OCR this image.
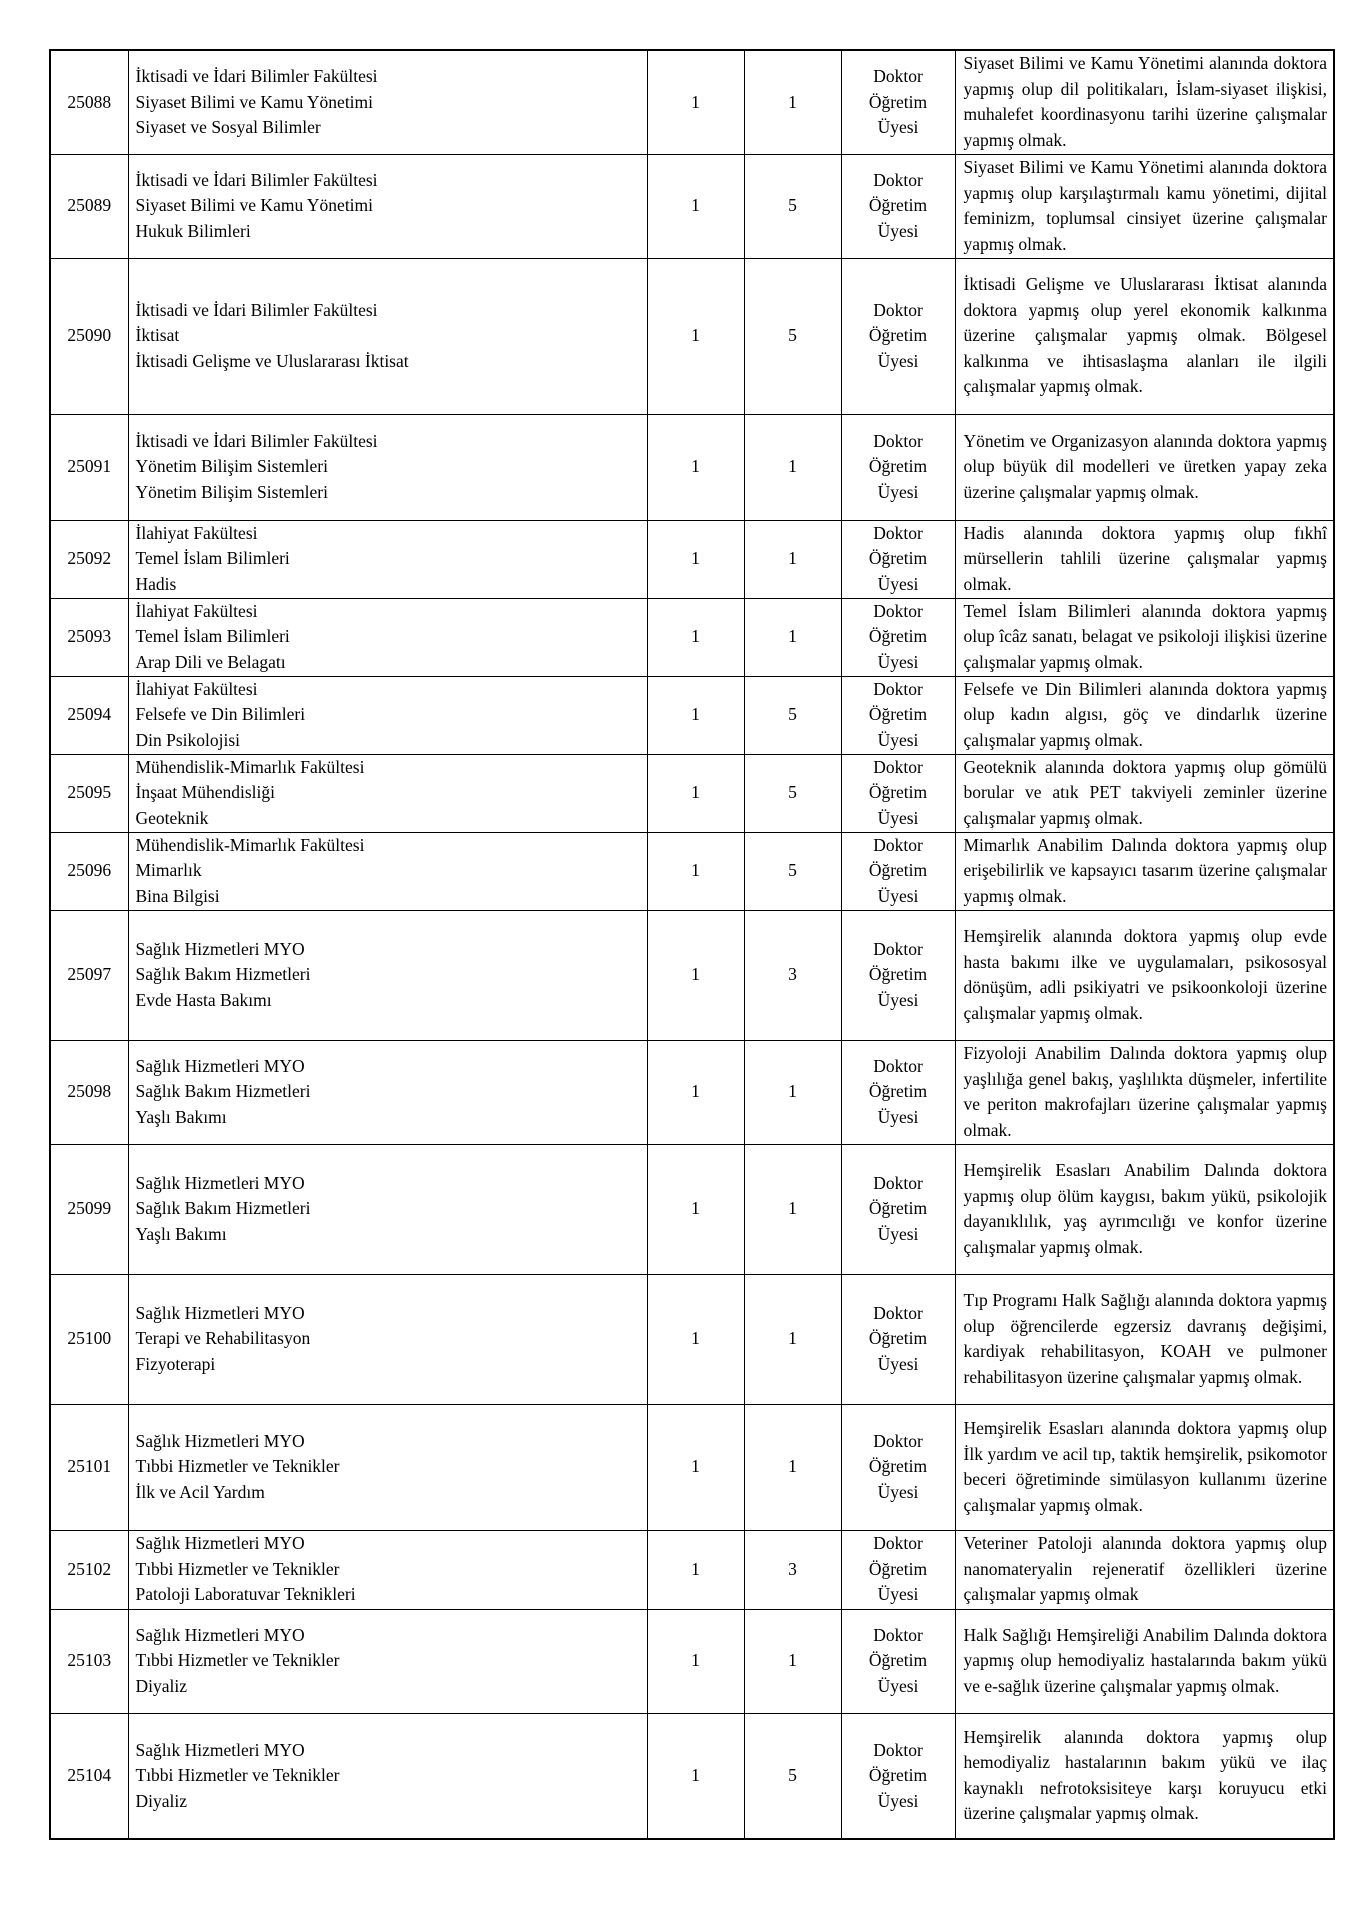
25088	İktisadi ve İdari Bilimler Fakültesi
Siyaset Bilimi ve Kamu Yönetimi
Siyaset ve Sosyal Bilimler	1	1	Doktor
Öğretim
Üyesi	Siyaset Bilimi ve Kamu Yönetimi alanında doktora yapmış olup dil politikaları, İslam-siyaset ilişkisi, muhalefet koordinasyonu tarihi üzerine çalışmalar yapmış olmak.
25089	İktisadi ve İdari Bilimler Fakültesi
Siyaset Bilimi ve Kamu Yönetimi
Hukuk Bilimleri	1	5	Doktor
Öğretim
Üyesi	Siyaset Bilimi ve Kamu Yönetimi alanında doktora yapmış olup karşılaştırmalı kamu yönetimi, dijital feminizm, toplumsal cinsiyet üzerine çalışmalar yapmış olmak.
25090	
İktisadi ve İdari Bilimler Fakültesi
İktisat
İktisadi Gelişme ve Uluslararası İktisat
	1	5	
Doktor
Öğretim
Üyesi
	İktisadi Gelişme ve Uluslararası İktisat alanında doktora yapmış olup yerel ekonomik kalkınma üzerine çalışmalar yapmış olmak. Bölgesel kalkınma ve ihtisaslaşma alanları ile ilgili çalışmalar yapmış olmak.
25091	İktisadi ve İdari Bilimler Fakültesi
Yönetim Bilişim Sistemleri
Yönetim Bilişim Sistemleri	1	1	Doktor
Öğretim
Üyesi	Yönetim ve Organizasyon alanında doktora yapmış olup büyük dil modelleri ve üretken yapay zeka üzerine çalışmalar yapmış olmak.
25092	İlahiyat Fakültesi
Temel İslam Bilimleri
Hadis	1	1	Doktor
Öğretim
Üyesi	Hadis alanında doktora yapmış olup fıkhî mürsellerin tahlili üzerine çalışmalar yapmış olmak.
25093	İlahiyat Fakültesi
Temel İslam Bilimleri
Arap Dili ve Belagatı	1	1	Doktor
Öğretim
Üyesi	Temel İslam Bilimleri alanında doktora yapmış olup îcâz sanatı, belagat ve psikoloji ilişkisi üzerine çalışmalar yapmış olmak.
25094	İlahiyat Fakültesi
Felsefe ve Din Bilimleri
Din Psikolojisi	1	5	Doktor
Öğretim
Üyesi	Felsefe ve Din Bilimleri alanında doktora yapmış olup kadın algısı, göç ve dindarlık üzerine çalışmalar yapmış olmak.
25095	Mühendislik-Mimarlık Fakültesi
İnşaat Mühendisliği
Geoteknik	1	5	Doktor
Öğretim
Üyesi	Geoteknik alanında doktora yapmış olup gömülü borular ve atık PET takviyeli zeminler üzerine çalışmalar yapmış olmak.
25096	Mühendislik-Mimarlık Fakültesi
Mimarlık
Bina Bilgisi	1	5	Doktor
Öğretim
Üyesi	Mimarlık Anabilim Dalında doktora yapmış olup erişebilirlik ve kapsayıcı tasarım üzerine çalışmalar yapmış olmak.
25097	Sağlık Hizmetleri MYO
Sağlık Bakım Hizmetleri
Evde Hasta Bakımı	1	3	Doktor
Öğretim
Üyesi	Hemşirelik alanında doktora yapmış olup evde hasta bakımı ilke ve uygulamaları, psikososyal dönüşüm, adli psikiyatri ve psikoonkoloji üzerine çalışmalar yapmış olmak.
25098	Sağlık Hizmetleri MYO
Sağlık Bakım Hizmetleri
Yaşlı Bakımı	1	1	Doktor
Öğretim
Üyesi	Fizyoloji Anabilim Dalında doktora yapmış olup yaşlılığa genel bakış, yaşlılıkta düşmeler, infertilite ve periton makrofajları üzerine çalışmalar yapmış olmak.
25099	Sağlık Hizmetleri MYO
Sağlık Bakım Hizmetleri
Yaşlı Bakımı	1	1	Doktor
Öğretim
Üyesi	Hemşirelik Esasları Anabilim Dalında doktora yapmış olup ölüm kaygısı, bakım yükü, psikolojik dayanıklılık, yaş ayrımcılığı ve konfor üzerine çalışmalar yapmış olmak.
25100	Sağlık Hizmetleri MYO
Terapi ve Rehabilitasyon
Fizyoterapi	1	1	Doktor
Öğretim
Üyesi	Tıp Programı Halk Sağlığı alanında doktora yapmış olup öğrencilerde egzersiz davranış değişimi, kardiyak rehabilitasyon, KOAH ve pulmoner rehabilitasyon üzerine çalışmalar yapmış olmak.
25101	Sağlık Hizmetleri MYO
Tıbbi Hizmetler ve Teknikler
İlk ve Acil Yardım	1	1	Doktor
Öğretim
Üyesi	Hemşirelik Esasları alanında doktora yapmış olup İlk yardım ve acil tıp, taktik hemşirelik, psikomotor beceri öğretiminde simülasyon kullanımı üzerine çalışmalar yapmış olmak.
25102	Sağlık Hizmetleri MYO
Tıbbi Hizmetler ve Teknikler
Patoloji Laboratuvar Teknikleri	1	3	Doktor
Öğretim
Üyesi	Veteriner Patoloji alanında doktora yapmış olup nanomateryalin rejeneratif özellikleri üzerine çalışmalar yapmış olmak
25103	Sağlık Hizmetleri MYO
Tıbbi Hizmetler ve Teknikler
Diyaliz	1	1	Doktor
Öğretim
Üyesi	Halk Sağlığı Hemşireliği Anabilim Dalında doktora yapmış olup hemodiyaliz hastalarında bakım yükü ve e-sağlık üzerine çalışmalar yapmış olmak.
25104	Sağlık Hizmetleri MYO
Tıbbi Hizmetler ve Teknikler
Diyaliz	1	5	Doktor
Öğretim
Üyesi	Hemşirelik alanında doktora yapmış olup hemodiyaliz hastalarının bakım yükü ve ilaç kaynaklı nefrotoksisiteye karşı koruyucu etki üzerine çalışmalar yapmış olmak.
